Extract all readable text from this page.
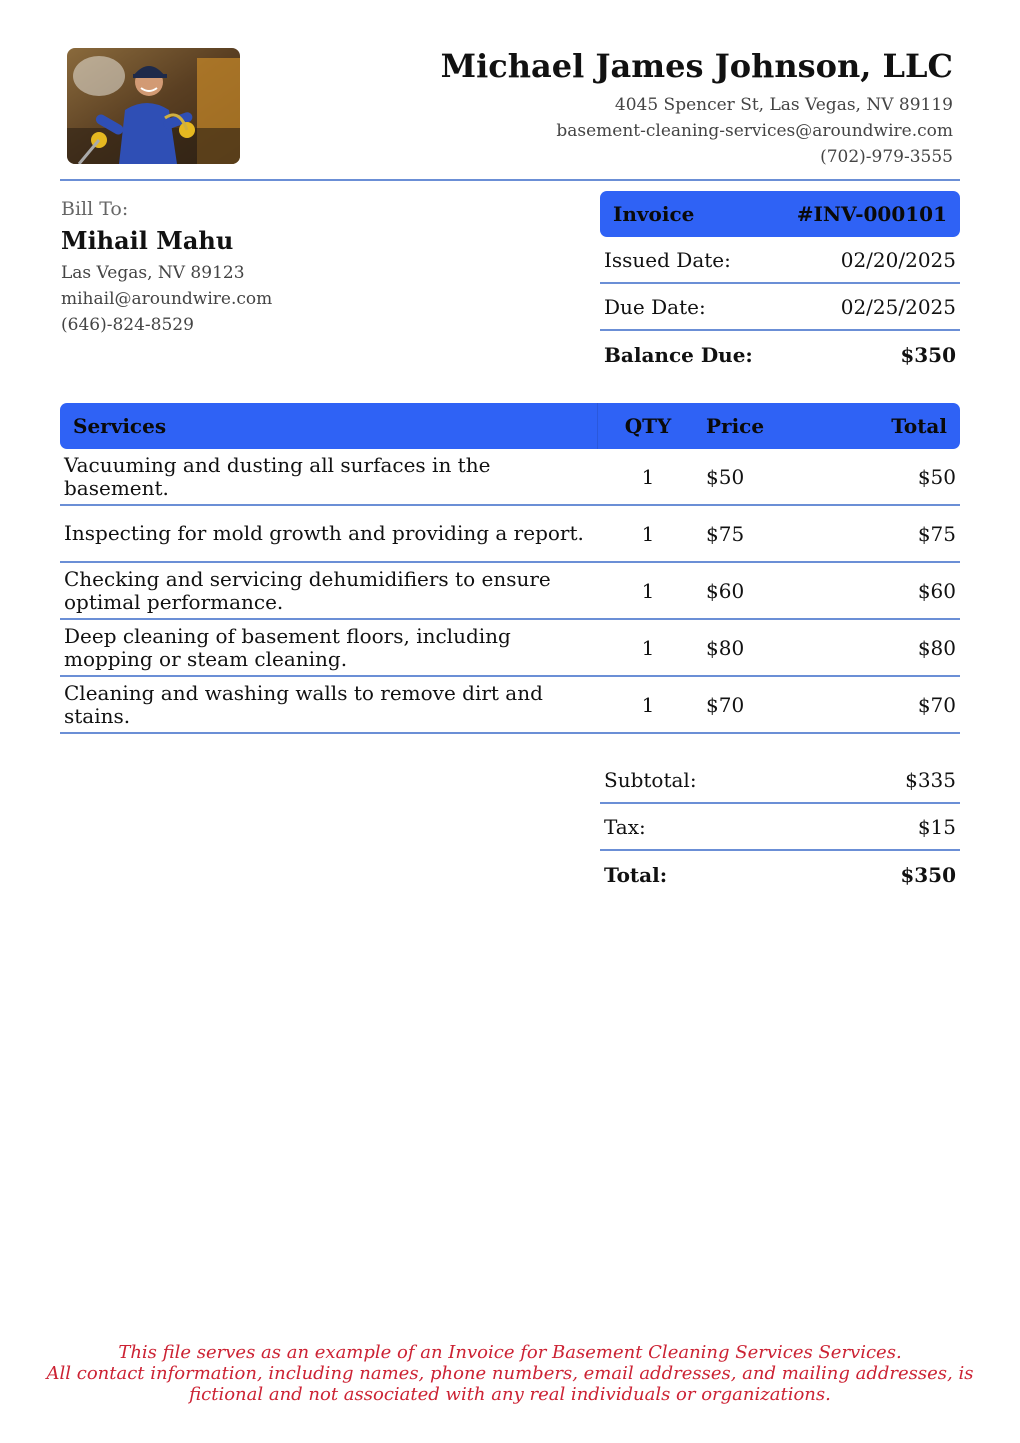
Michael James Johnson, LLC
4045 Spencer St, Las Vegas, NV 89119
basement-cleaning-services@aroundwire.com
(702)-979-3555
Bill To:
Mihail Mahu
Las Vegas, NV 89123
mihail@aroundwire.com
(646)-824-8529
Invoice	#INV-000101
Issued Date:	02/20/2025
Due Date:	02/25/2025
Balance Due:	$350
Services	QTY	Price	Total
Vacuuming and dusting all surfaces in the basement.	1	$50	$50
Inspecting for mold growth and providing a report.	1	$75	$75
Checking and servicing dehumidifiers to ensure optimal performance.	1	$60	$60
Deep cleaning of basement floors, including mopping or steam cleaning.	1	$80	$80
Cleaning and washing walls to remove dirt and stains.	1	$70	$70
Subtotal:	$335
Tax:	$15
Total:	$350
This file serves as an example of an Invoice for Basement Cleaning Services Services.
All contact information, including names, phone numbers, email addresses, and mailing addresses, is
fictional and not associated with any real individuals or organizations.
